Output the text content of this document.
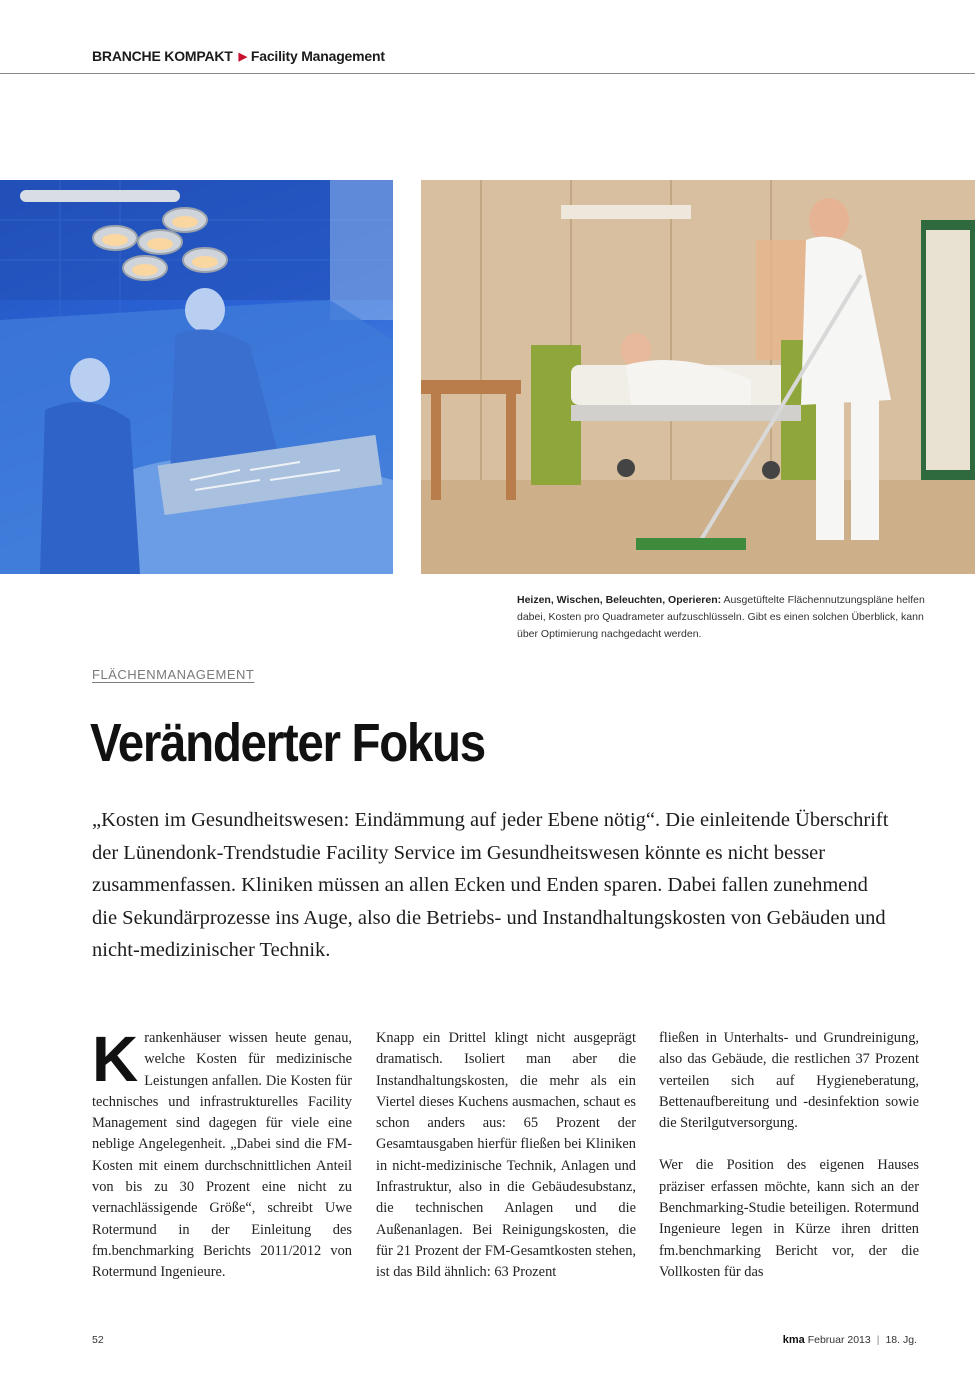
BRANCHE KOMPAKT ▶ Facility Management
Heizen, Wischen, Beleuchten, Operieren: Ausgetüftelte Flächennutzungspläne helfen dabei, Kosten pro Quadrameter aufzuschlüsseln. Gibt es einen solchen Überblick, kann über Optimierung nachgedacht werden.
FLÄCHENMANAGEMENT
Veränderter Fokus

„Kosten im Gesundheitswesen: Eindämmung auf jeder Ebene nötig“. Die einleitende Überschrift der Lünendonk-Trendstudie Facility Service im Gesundheitswesen könnte es nicht besser zusammenfassen. Kliniken müssen an allen Ecken und Enden sparen. Dabei fallen zunehmend die Sekundärprozesse ins Auge, also die Betriebs- und Instandhaltungskosten von Gebäuden und nicht-medizinischer Technik.

K rankenhäuser wissen heute genau, welche Kosten für medizinische Leistungen anfallen. Die Kosten für technisches und infrastrukturelles Facility Management sind dagegen für viele eine neblige Angelegenheit. „Dabei sind die FM-Kosten mit einem durchschnittlichen Anteil von bis zu 30 Prozent eine nicht zu vernachlässigende Größe“, schreibt Uwe Rotermund in der Einleitung des fm.benchmarking Berichts 2011/2012 von Rotermund Ingenieure.

Knapp ein Drittel klingt nicht ausgeprägt dramatisch. Isoliert man aber die Instandhaltungskosten, die mehr als ein Viertel dieses Kuchens ausmachen, schaut es schon anders aus: 65 Prozent der Gesamtausgaben hierfür fließen bei Kliniken in nicht-medizinische Technik, Anlagen und Infrastruktur, also in die Gebäudesubstanz, die technischen Anlagen und die Außenanlagen. Bei Reinigungskosten, die für 21 Prozent der FM-Gesamtkosten stehen, ist das Bild ähnlich: 63 Prozent

fließen in Unterhalts- und Grundreinigung, also das Gebäude, die restlichen 37 Prozent verteilen sich auf Hygieneberatung, Bettenaufbereitung und -desinfektion sowie die Sterilgutversorgung.

Wer die Position des eigenen Hauses präziser erfassen möchte, kann sich an der Benchmarking-Studie beteiligen. Rotermund Ingenieure legen in Kürze ihren dritten fm.benchmarking Bericht vor, der die Vollkosten für das

52	kma Februar 2013 | 18. Jg.
